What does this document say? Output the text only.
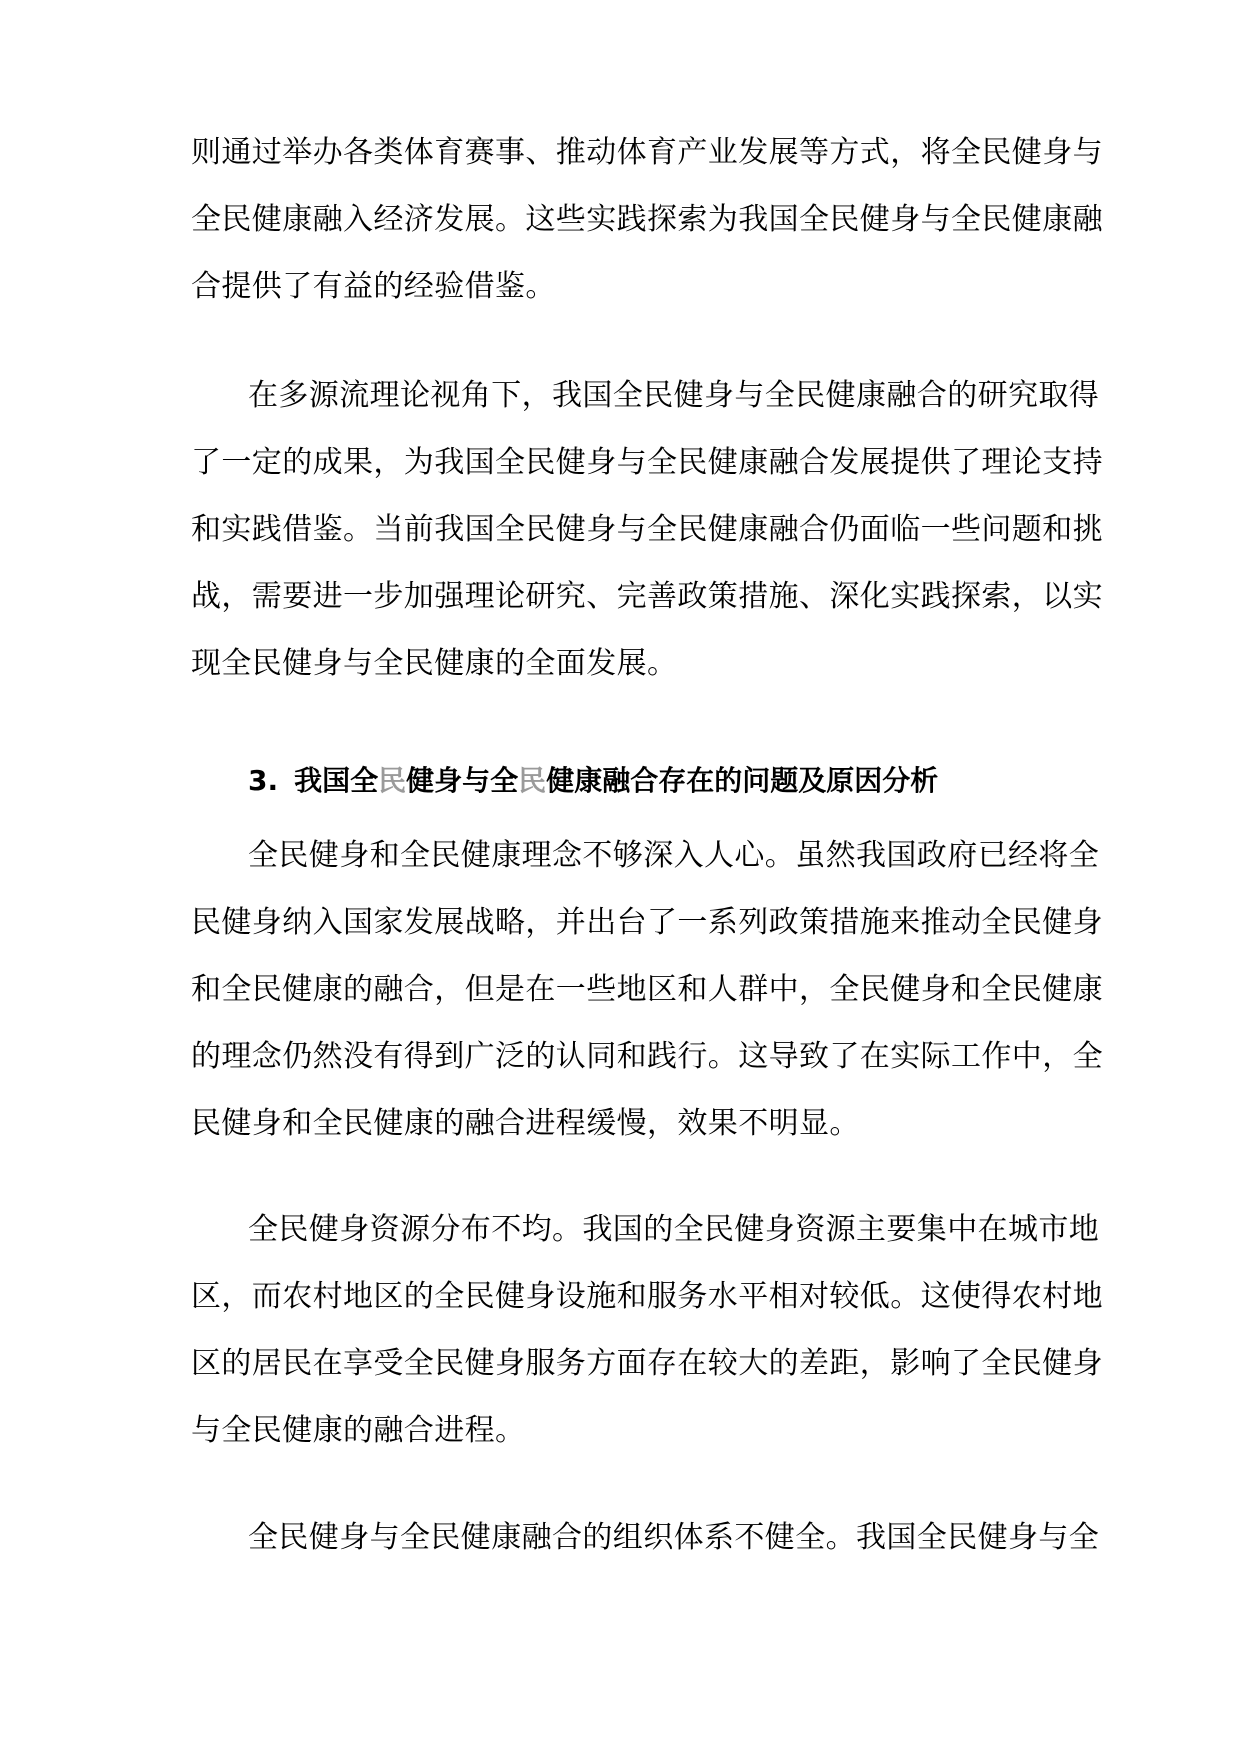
则通过举办各类体育赛事、推动体育产业发展等方式，将全民健身与
全民健康融入经济发展。这些实践探索为我国全民健身与全民健康融
合提供了有益的经验借鉴。
在多源流理论视角下，我国全民健身与全民健康融合的研究取得
了一定的成果，为我国全民健身与全民健康融合发展提供了理论支持
和实践借鉴。当前我国全民健身与全民健康融合仍面临一些问题和挑
战，需要进一步加强理论研究、完善政策措施、深化实践探索，以实
现全民健身与全民健康的全面发展。
3. 我国全民健身与全民健康融合存在的问题及原因分析
全民健身和全民健康理念不够深入人心。虽然我国政府已经将全
民健身纳入国家发展战略，并出台了一系列政策措施来推动全民健身
和全民健康的融合，但是在一些地区和人群中，全民健身和全民健康
的理念仍然没有得到广泛的认同和践行。这导致了在实际工作中，全
民健身和全民健康的融合进程缓慢，效果不明显。
全民健身资源分布不均。我国的全民健身资源主要集中在城市地
区，而农村地区的全民健身设施和服务水平相对较低。这使得农村地
区的居民在享受全民健身服务方面存在较大的差距，影响了全民健身
与全民健康的融合进程。
全民健身与全民健康融合的组织体系不健全。我国全民健身与全
